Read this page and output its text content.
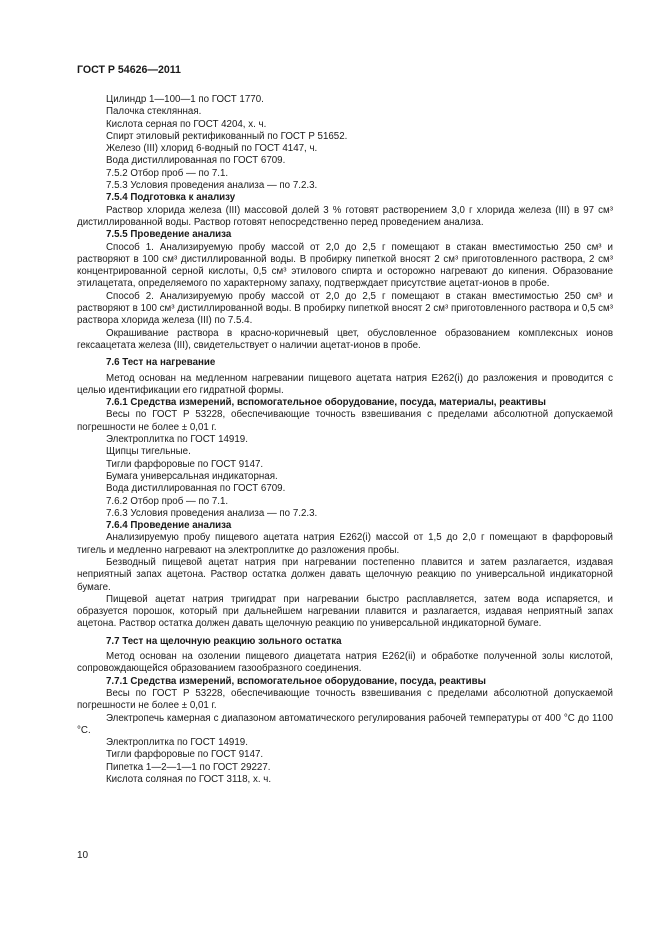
ГОСТ Р 54626—2011

Цилиндр 1—100—1 по ГОСТ 1770.

Палочка стеклянная.

Кислота серная по ГОСТ 4204, х. ч.

Спирт этиловый ректификованный по ГОСТ Р 51652.

Железо (III) хлорид 6-водный по ГОСТ 4147, ч.

Вода дистиллированная по ГОСТ 6709.

7.5.2 Отбор проб — по 7.1.

7.5.3 Условия проведения анализа — по 7.2.3.

7.5.4 Подготовка к анализу

Раствор хлорида железа (III) массовой долей 3 % готовят растворением 3,0 г хлорида железа (III) в 97 см³ дистиллированной воды. Раствор готовят непосредственно перед проведением анализа.

7.5.5 Проведение анализа

Способ 1. Анализируемую пробу массой от 2,0 до 2,5 г помещают в стакан вместимостью 250 см³ и растворяют в 100 см³ дистиллированной воды. В пробирку пипеткой вносят 2 см³ приготовленного раствора, 2 см³ концентрированной серной кислоты, 0,5 см³ этилового спирта и осторожно нагревают до кипения. Образование этилацетата, определяемого по характерному запаху, подтверждает присутствие ацетат-ионов в пробе.

Способ 2. Анализируемую пробу массой от 2,0 до 2,5 г помещают в стакан вместимостью 250 см³ и растворяют в 100 см³ дистиллированной воды. В пробирку пипеткой вносят 2 см³ приготовленного раствора и 0,5 см³ раствора хлорида железа (III) по 7.5.4.

Окрашивание раствора в красно-коричневый цвет, обусловленное образованием комплексных ионов гексаацетата железа (III), свидетельствует о наличии ацетат-ионов в пробе.

7.6 Тест на нагревание

Метод основан на медленном нагревании пищевого ацетата натрия Е262(i) до разложения и проводится с целью идентификации его гидратной формы.

7.6.1 Средства измерений, вспомогательное оборудование, посуда, материалы, реактивы

Весы по ГОСТ Р 53228, обеспечивающие точность взвешивания с пределами абсолютной допускаемой погрешности не более ± 0,01 г.

Электроплитка по ГОСТ 14919.

Щипцы тигельные.

Тигли фарфоровые по ГОСТ 9147.

Бумага универсальная индикаторная.

Вода дистиллированная по ГОСТ 6709.

7.6.2 Отбор проб — по 7.1.

7.6.3 Условия проведения анализа — по 7.2.3.

7.6.4 Проведение анализа

Анализируемую пробу пищевого ацетата натрия Е262(i) массой от 1,5 до 2,0 г помещают в фарфоровый тигель и медленно нагревают на электроплитке до разложения пробы.

Безводный пищевой ацетат натрия при нагревании постепенно плавится и затем разлагается, издавая неприятный запах ацетона. Раствор остатка должен давать щелочную реакцию по универсальной индикаторной бумаге.

Пищевой ацетат натрия тригидрат при нагревании быстро расплавляется, затем вода испаряется, и образуется порошок, который при дальнейшем нагревании плавится и разлагается, издавая неприятный запах ацетона. Раствор остатка должен давать щелочную реакцию по универсальной индикаторной бумаге.

7.7 Тест на щелочную реакцию зольного остатка

Метод основан на озолении пищевого диацетата натрия Е262(ii) и обработке полученной золы кислотой, сопровождающейся образованием газообразного соединения.

7.7.1 Средства измерений, вспомогательное оборудование, посуда, реактивы

Весы по ГОСТ Р 53228, обеспечивающие точность взвешивания с пределами абсолютной допускаемой погрешности не более ± 0,01 г.

Электропечь камерная с диапазоном автоматического регулирования рабочей температуры от 400 °С до 1100 °С.

Электроплитка по ГОСТ 14919.

Тигли фарфоровые по ГОСТ 9147.

Пипетка 1—2—1—1 по ГОСТ 29227.

Кислота соляная по ГОСТ 3118, х. ч.

10
